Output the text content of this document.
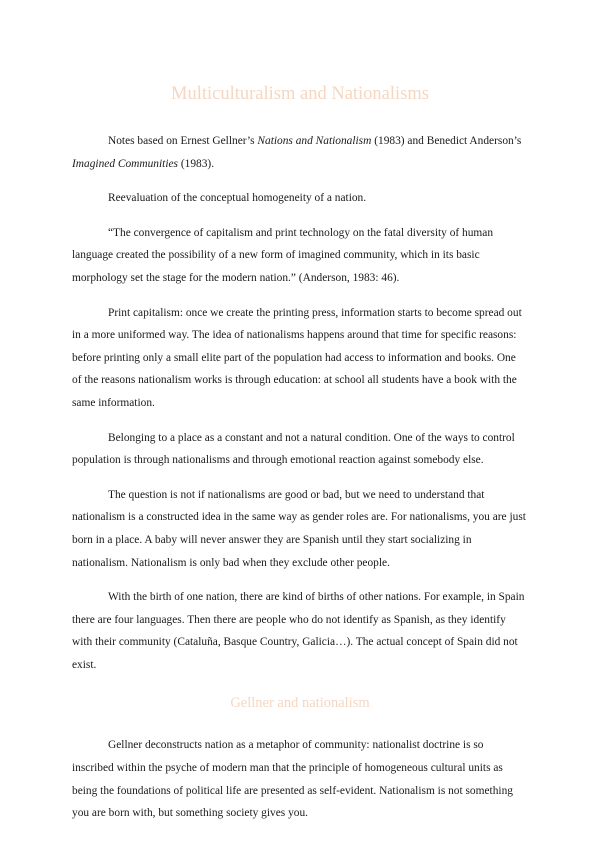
Multiculturalism and Nationalisms

Notes based on Ernest Gellner’s Nations and Nationalism (1983) and Benedict Anderson’s Imagined Communities (1983).

Reevaluation of the conceptual homogeneity of a nation.

“The convergence of capitalism and print technology on the fatal diversity of human language created the possibility of a new form of imagined community, which in its basic morphology set the stage for the modern nation.” (Anderson, 1983: 46).

Print capitalism: once we create the printing press, information starts to become spread out in a more uniformed way. The idea of nationalisms happens around that time for specific reasons: before printing only a small elite part of the population had access to information and books. One of the reasons nationalism works is through education: at school all students have a book with the same information.

Belonging to a place as a constant and not a natural condition. One of the ways to control population is through nationalisms and through emotional reaction against somebody else.

The question is not if nationalisms are good or bad, but we need to understand that nationalism is a constructed idea in the same way as gender roles are. For nationalisms, you are just born in a place. A baby will never answer they are Spanish until they start socializing in nationalism. Nationalism is only bad when they exclude other people.

With the birth of one nation, there are kind of births of other nations. For example, in Spain there are four languages. Then there are people who do not identify as Spanish, as they identify with their community (Cataluña, Basque Country, Galicia…). The actual concept of Spain did not exist.

Gellner and nationalism

Gellner deconstructs nation as a metaphor of community: nationalist doctrine is so inscribed within the psyche of modern man that the principle of homogeneous cultural units as being the foundations of political life are presented as self-evident. Nationalism is not something you are born with, but something society gives you.
